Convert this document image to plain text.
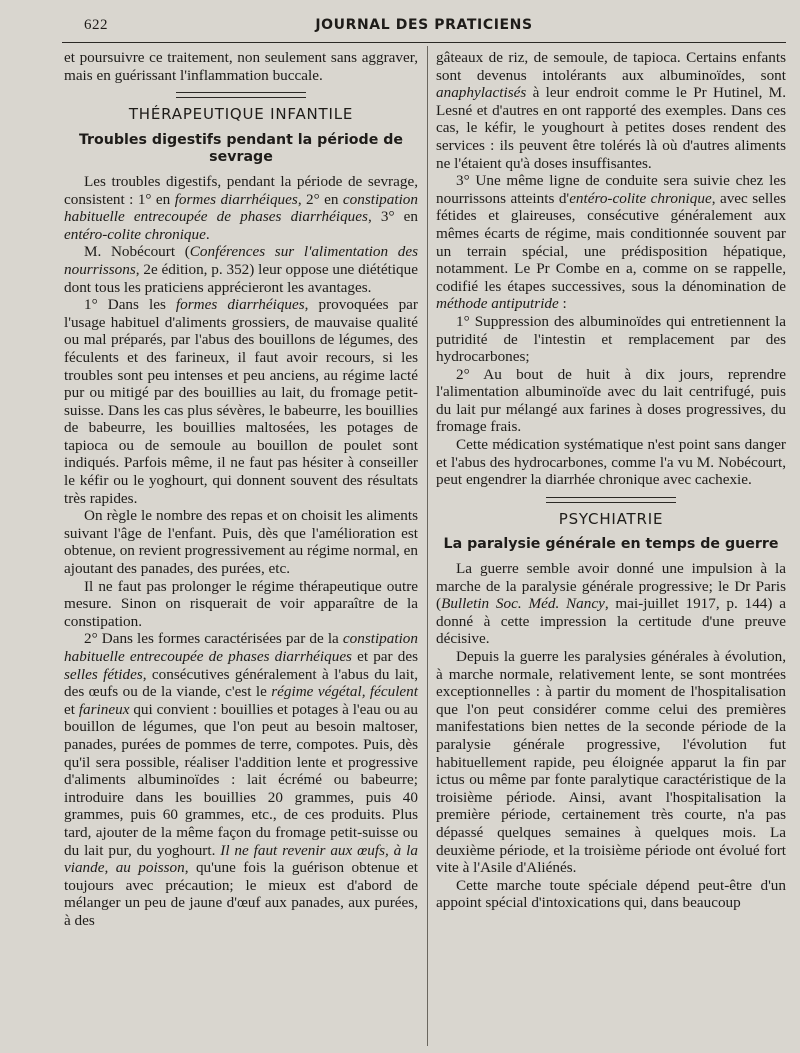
622	JOURNAL DES PRATICIENS

et poursuivre ce traitement, non seulement sans aggraver, mais en guérissant l'inflammation buccale.

THÉRAPEUTIQUE INFANTILE
Troubles digestifs pendant la période de sevrage

Les troubles digestifs, pendant la période de sevrage, consistent : 1° en formes diarrhéiques, 2° en constipation habituelle entrecoupée de phases diarrhéiques, 3° en entéro-colite chronique.

M. Nobécourt (Conférences sur l'alimentation des nourrissons, 2e édition, p. 352) leur oppose une diététique dont tous les praticiens apprécieront les avantages.

1° Dans les formes diarrhéiques, provoquées par l'usage habituel d'aliments grossiers, de mauvaise qualité ou mal préparés, par l'abus des bouillons de légumes, des féculents et des farineux, il faut avoir recours, si les troubles sont peu intenses et peu anciens, au régime lacté pur ou mitigé par des bouillies au lait, du fromage petit-suisse. Dans les cas plus sévères, le babeurre, les bouillies de babeurre, les bouillies maltosées, les potages de tapioca ou de semoule au bouillon de poulet sont indiqués. Parfois même, il ne faut pas hésiter à conseiller le kéfir ou le yoghourt, qui donnent souvent des résultats très rapides.

On règle le nombre des repas et on choisit les aliments suivant l'âge de l'enfant. Puis, dès que l'amélioration est obtenue, on revient progressivement au régime normal, en ajoutant des panades, des purées, etc.

Il ne faut pas prolonger le régime thérapeutique outre mesure. Sinon on risquerait de voir apparaître de la constipation.

2° Dans les formes caractérisées par de la constipation habituelle entrecoupée de phases diarrhéiques et par des selles fétides, consécutives généralement à l'abus du lait, des œufs ou de la viande, c'est le régime végétal, féculent et farineux qui convient : bouillies et potages à l'eau ou au bouillon de légumes, que l'on peut au besoin maltoser, panades, purées de pommes de terre, compotes. Puis, dès qu'il sera possible, réaliser l'addition lente et progressive d'aliments albuminoïdes : lait écrémé ou babeurre; introduire dans les bouillies 20 grammes, puis 40 grammes, puis 60 grammes, etc., de ces produits. Plus tard, ajouter de la même façon du fromage petit-suisse ou du lait pur, du yoghourt. Il ne faut revenir aux œufs, à la viande, au poisson, qu'une fois la guérison obtenue et toujours avec précaution; le mieux est d'abord de mélanger un peu de jaune d'œuf aux panades, aux purées, à des

gâteaux de riz, de semoule, de tapioca. Certains enfants sont devenus intolérants aux albuminoïdes, sont anaphylactisés à leur endroit comme le Pr Hutinel, M. Lesné et d'autres en ont rapporté des exemples. Dans ces cas, le kéfir, le youghourt à petites doses rendent des services : ils peuvent être tolérés là où d'autres aliments ne l'étaient qu'à doses insuffisantes.

3° Une même ligne de conduite sera suivie chez les nourrissons atteints d'entéro-colite chronique, avec selles fétides et glaireuses, consécutive généralement aux mêmes écarts de régime, mais conditionnée souvent par un terrain spécial, une prédisposition hépatique, notamment. Le Pr Combe en a, comme on se rappelle, codifié les étapes successives, sous la dénomination de méthode antiputride :

1° Suppression des albuminoïdes qui entretiennent la putridité de l'intestin et remplacement par des hydrocarbones;

2° Au bout de huit à dix jours, reprendre l'alimentation albuminoïde avec du lait centrifugé, puis du lait pur mélangé aux farines à doses progressives, du fromage frais.

Cette médication systématique n'est point sans danger et l'abus des hydrocarbones, comme l'a vu M. Nobécourt, peut engendrer la diarrhée chronique avec cachexie.

PSYCHIATRIE
La paralysie générale en temps de guerre

La guerre semble avoir donné une impulsion à la marche de la paralysie générale progressive; le Dr Paris (Bulletin Soc. Méd. Nancy, mai-juillet 1917, p. 144) a donné à cette impression la certitude d'une preuve décisive.

Depuis la guerre les paralysies générales à évolution, à marche normale, relativement lente, se sont montrées exceptionnelles : à partir du moment de l'hospitalisation que l'on peut considérer comme celui des premières manifestations bien nettes de la seconde période de la paralysie générale progressive, l'évolution fut habituellement rapide, peu éloignée apparut la fin par ictus ou même par fonte paralytique caractéristique de la troisième période. Ainsi, avant l'hospitalisation la première période, certainement très courte, n'a pas dépassé quelques semaines à quelques mois. La deuxième période, et la troisième période ont évolué fort vite à l'Asile d'Aliénés.

Cette marche toute spéciale dépend peut-être d'un appoint spécial d'intoxications qui, dans beaucoup
